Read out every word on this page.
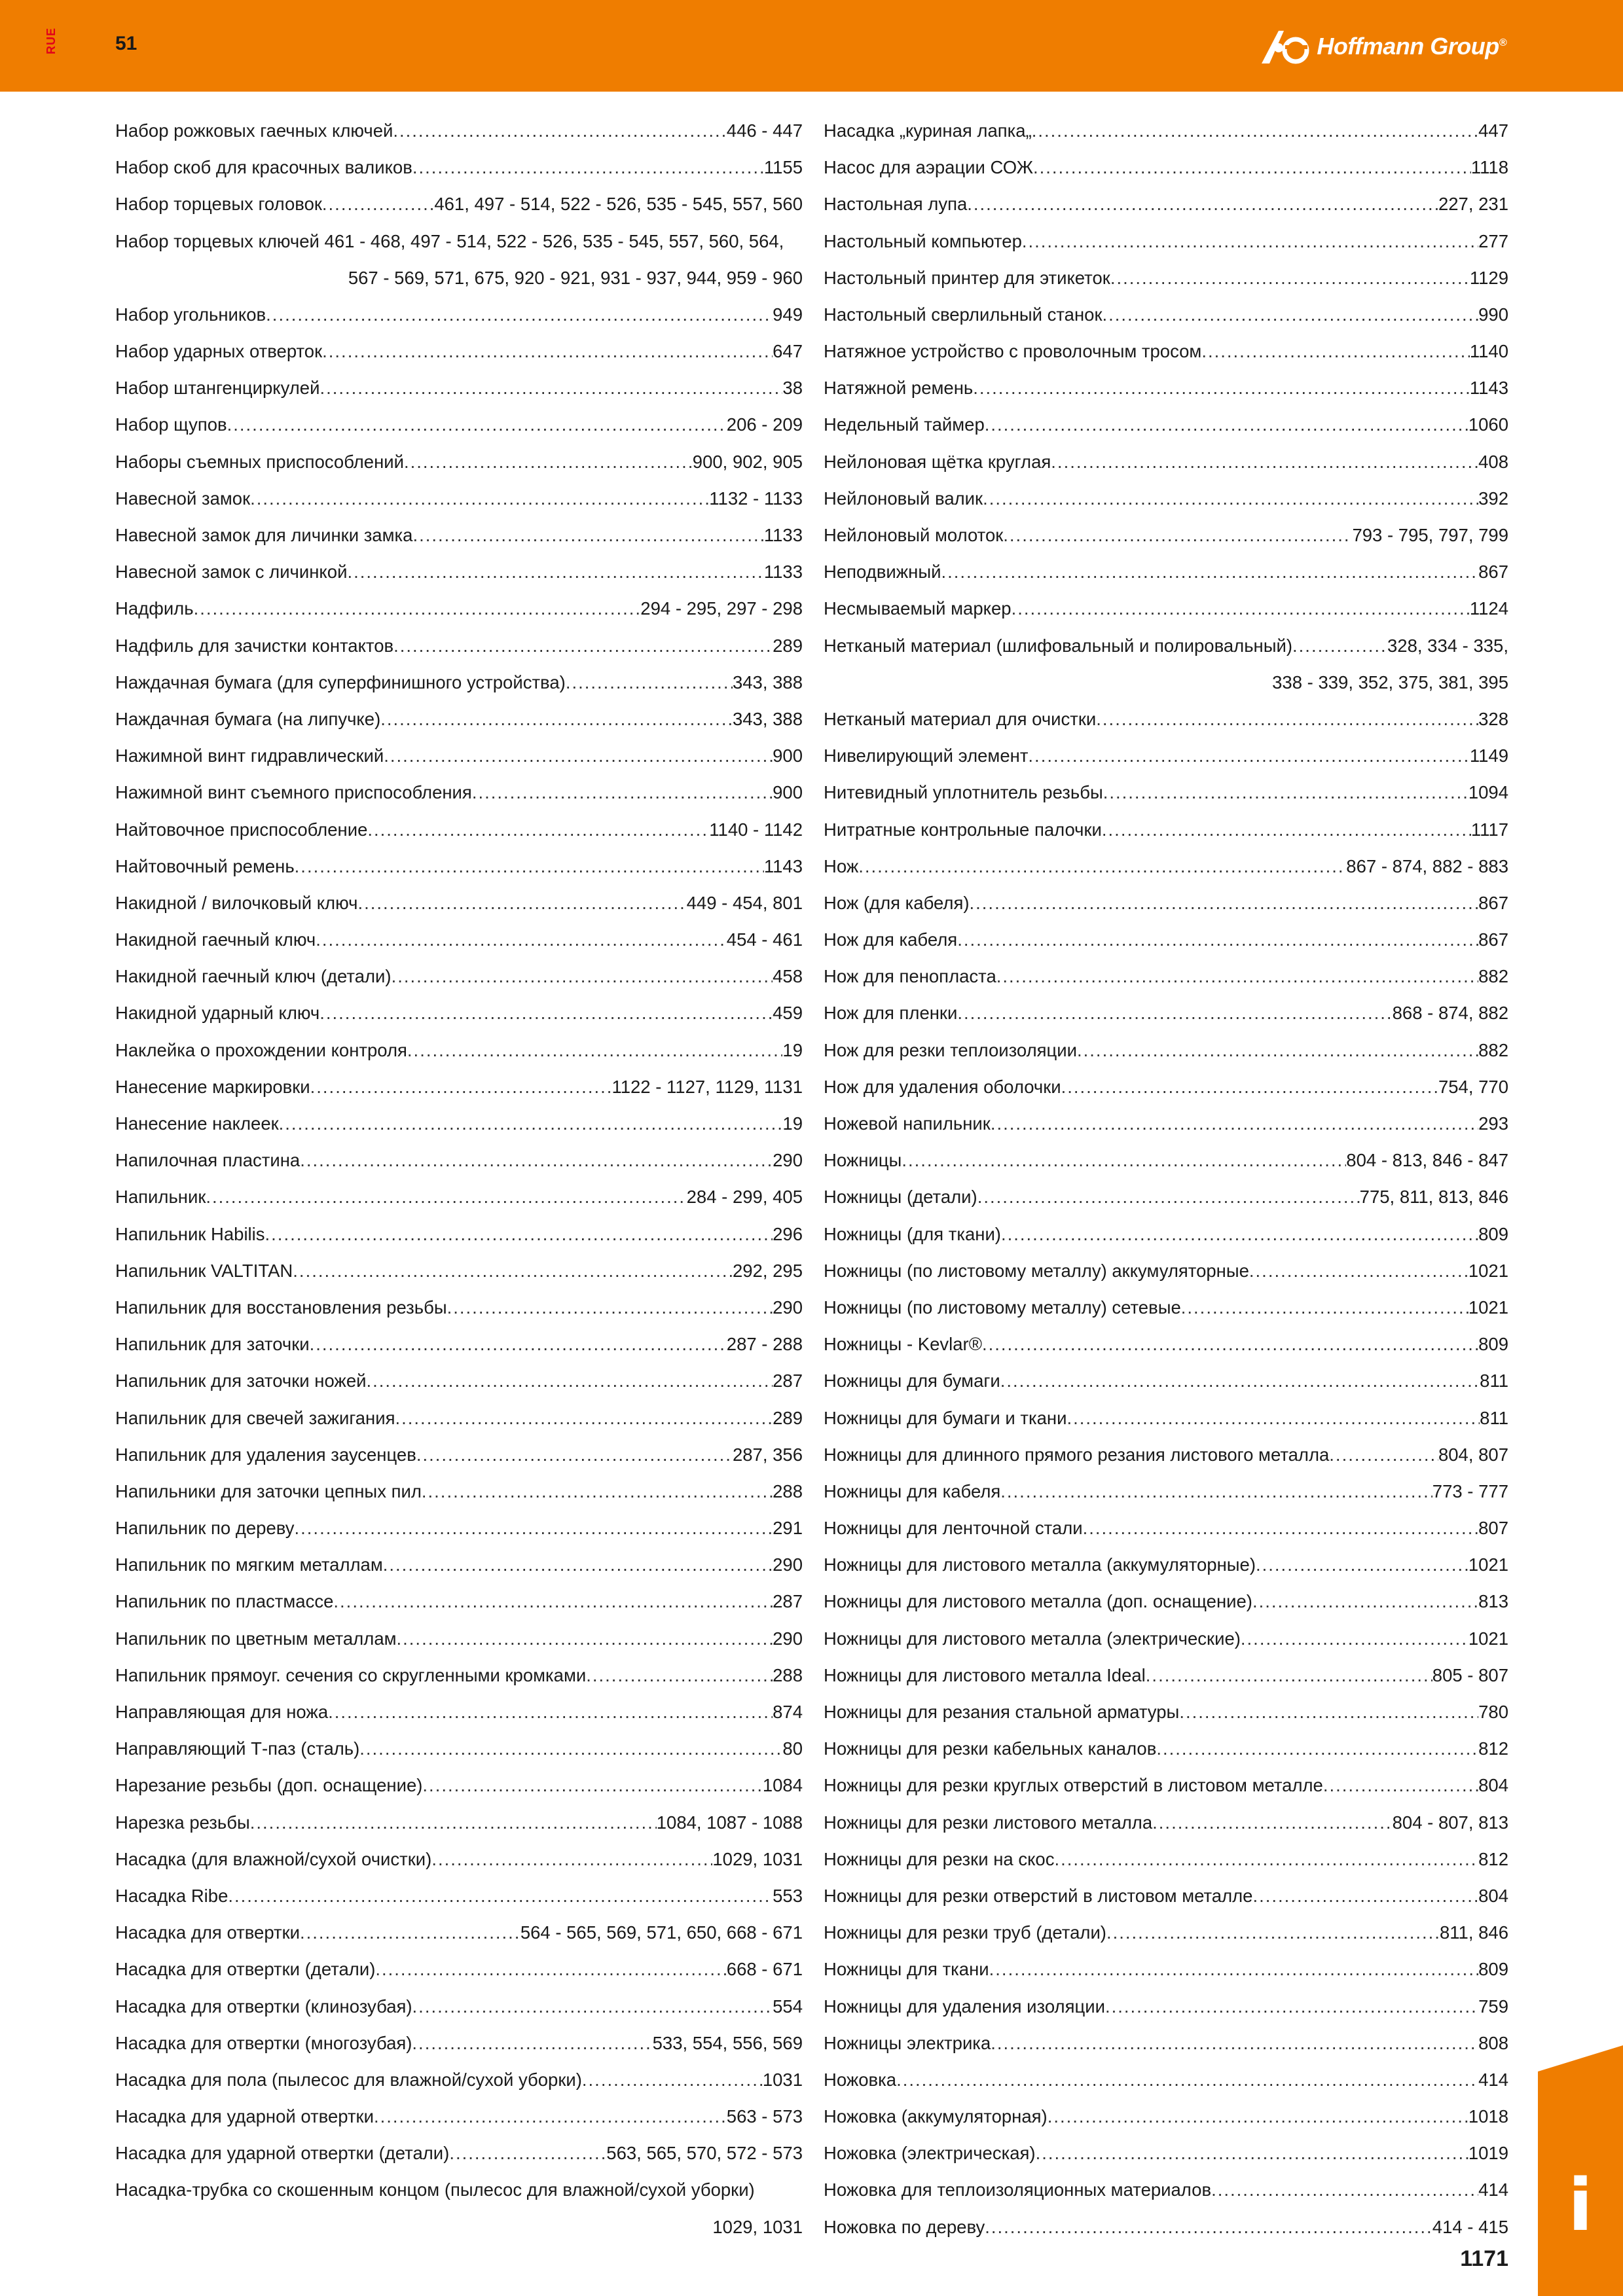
RUE	51	Hoffmann Group®
Набор рожковых гаечных ключей .....	446 - 447
Набор скоб для красочных валиков .....	1155
Набор торцевых головок .....	461, 497 - 514, 522 - 526, 535 - 545, 557, 560
Набор торцевых ключей 461 - 468, 497 - 514, 522 - 526, 535 - 545, 557, 560, 564,
567 - 569, 571, 675, 920 - 921, 931 - 937, 944, 959 - 960
Набор угольников .....	949
Набор ударных отверток .....	647
Набор штангенциркулей .....	38
Набор щупов .....	206 - 209
Наборы съемных приспособлений .....	900, 902, 905
Навесной замок .....	1132 - 1133
Навесной замок для личинки замка .....	1133
Навесной замок с личинкой .....	1133
Надфиль .....	294 - 295, 297 - 298
Надфиль для зачистки контактов .....	289
Наждачная бумага (для суперфинишного устройства) .....	343, 388
Наждачная бумага (на липучке) .....	343, 388
Нажимной винт гидравлический .....	900
Нажимной винт съемного приспособления .....	900
Найтовочное приспособление .....	1140 - 1142
Найтовочный ремень .....	1143
Накидной / вилочковый ключ .....	449 - 454, 801
Накидной гаечный ключ .....	454 - 461
Накидной гаечный ключ (детали) .....	458
Накидной ударный ключ .....	459
Наклейка о прохождении контроля .....	19
Нанесение маркировки .....	1122 - 1127, 1129, 1131
Нанесение наклеек .....	19
Напилочная пластина .....	290
Напильник .....	284 - 299, 405
Напильник Habilis .....	296
Напильник VALTITAN .....	292, 295
Напильник для восстановления резьбы .....	290
Напильник для заточки .....	287 - 288
Напильник для заточки ножей .....	287
Напильник для свечей зажигания .....	289
Напильник для удаления заусенцев .....	287, 356
Напильники для заточки цепных пил .....	288
Напильник по дереву .....	291
Напильник по мягким металлам .....	290
Напильник по пластмассе .....	287
Напильник по цветным металлам .....	290
Напильник прямоуг. сечения со скругленными кромками .....	288
Направляющая для ножа .....	874
Направляющий Т-паз (сталь) .....	80
Нарезание резьбы (доп. оснащение) .....	1084
Нарезка резьбы .....	1084, 1087 - 1088
Насадка (для влажной/сухой очистки) .....	1029, 1031
Насадка Ribe .....	553
Насадка для отвертки .....	564 - 565, 569, 571, 650, 668 - 671
Насадка для отвертки (детали) .....	668 - 671
Насадка для отвертки (клинозубая) .....	554
Насадка для отвертки (многозубая) .....	533, 554, 556, 569
Насадка для пола (пылесос для влажной/сухой уборки) .....	1031
Насадка для ударной отвертки .....	563 - 573
Насадка для ударной отвертки (детали) .....	563, 565, 570, 572 - 573
Насадка-трубка со скошенным концом (пылесос для влажной/сухой уборки)
1029, 1031
Насадка „куриная лапка„ .....	447
Насос для аэрации СОЖ .....	1118
Настольная лупа .....	227, 231
Настольный компьютер .....	277
Настольный принтер для этикеток .....	1129
Настольный сверлильный станок .....	990
Натяжное устройство с проволочным тросом .....	1140
Натяжной ремень .....	1143
Недельный таймер .....	1060
Нейлоновая щётка круглая .....	408
Нейлоновый валик .....	392
Нейлоновый молоток .....	793 - 795, 797, 799
Неподвижный .....	867
Несмываемый маркер .....	1124
Нетканый материал (шлифовальный и полировальный) .....	328, 334 - 335,
338 - 339, 352, 375, 381, 395
Нетканый материал для очистки .....	328
Нивелирующий элемент .....	1149
Нитевидный уплотнитель резьбы .....	1094
Нитратные контрольные палочки .....	1117
Нож .....	867 - 874, 882 - 883
Нож (для кабеля) .....	867
Нож для кабеля .....	867
Нож для пенопласта .....	882
Нож для пленки .....	868 - 874, 882
Нож для резки теплоизоляции .....	882
Нож для удаления оболочки .....	754, 770
Ножевой напильник .....	293
Ножницы .....	804 - 813, 846 - 847
Ножницы (детали) .....	775, 811, 813, 846
Ножницы (для ткани) .....	809
Ножницы (по листовому металлу) аккумуляторные .....	1021
Ножницы (по листовому металлу) сетевые .....	1021
Ножницы - Kevlar® .....	809
Ножницы для бумаги .....	811
Ножницы для бумаги и ткани .....	811
Ножницы для длинного прямого резания листового металла .....	804, 807
Ножницы для кабеля .....	773 - 777
Ножницы для ленточной стали .....	807
Ножницы для листового металла (аккумуляторные) .....	1021
Ножницы для листового металла (доп. оснащение) .....	813
Ножницы для листового металла (электрические) .....	1021
Ножницы для листового металла Ideal .....	805 - 807
Ножницы для резания стальной арматуры .....	780
Ножницы для резки кабельных каналов .....	812
Ножницы для резки круглых отверстий в листовом металле .....	804
Ножницы для резки листового металла .....	804 - 807, 813
Ножницы для резки на скос .....	812
Ножницы для резки отверстий в листовом металле .....	804
Ножницы для резки труб (детали) .....	811, 846
Ножницы для ткани .....	809
Ножницы для удаления изоляции .....	759
Ножницы электрика .....	808
Ножовка .....	414
Ножовка (аккумуляторная) .....	1018
Ножовка (электрическая) .....	1019
Ножовка для теплоизоляционных материалов .....	414
Ножовка по дереву .....	414 - 415 i
1171
